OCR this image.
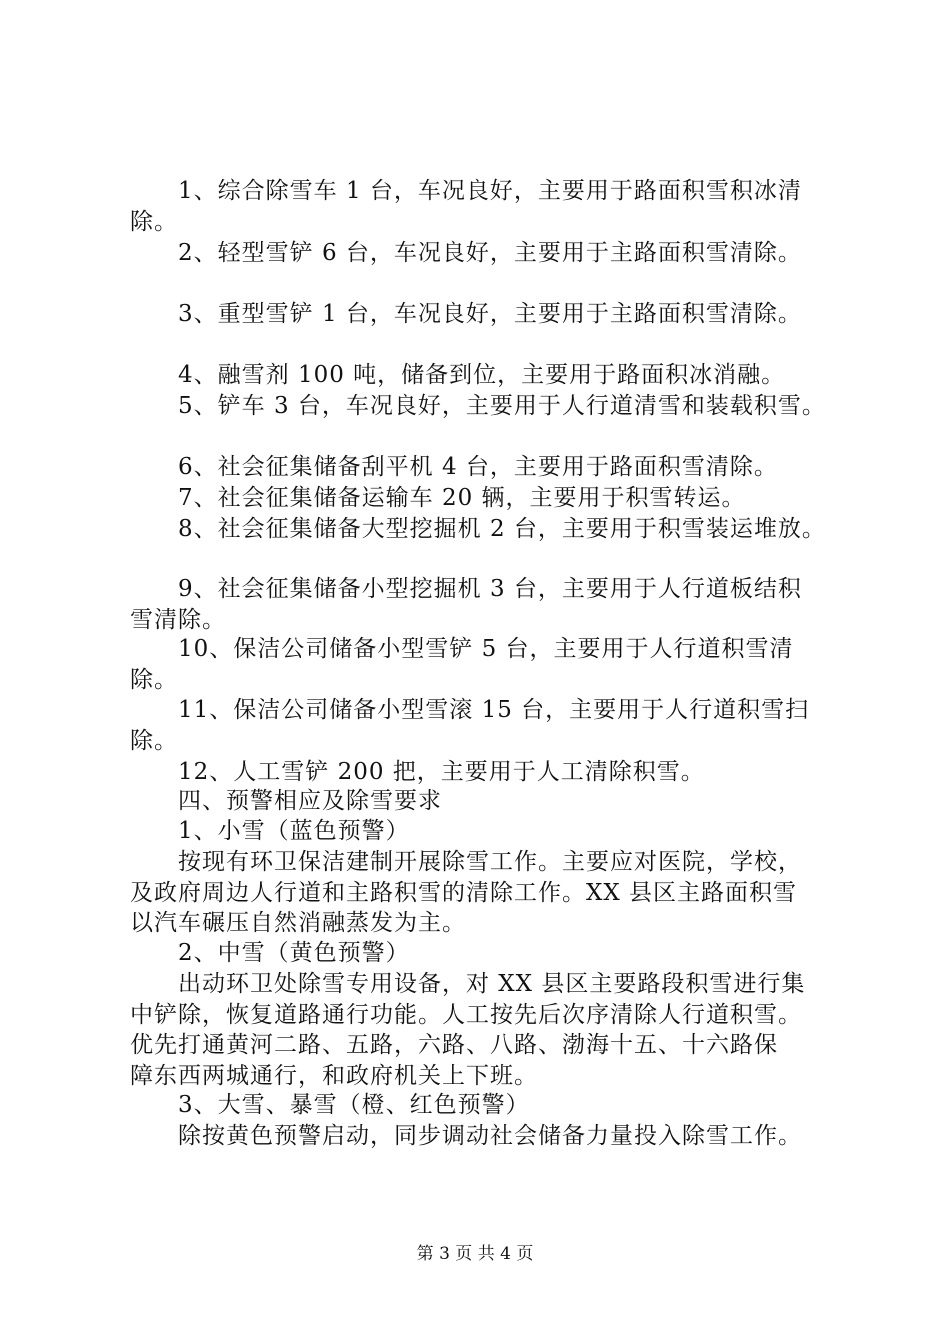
　　1、综合除雪车 1 台，车况良好，主要用于路面积雪积冰清
除。
　　2、轻型雪铲 6 台，车况良好，主要用于主路面积雪清除。
　　3、重型雪铲 1 台，车况良好，主要用于主路面积雪清除。
　　4、融雪剂 100 吨，储备到位，主要用于路面积冰消融。
　　5、铲车 3 台，车况良好，主要用于人行道清雪和装载积雪。
　　6、社会征集储备刮平机 4 台，主要用于路面积雪清除。
　　7、社会征集储备运输车 20 辆，主要用于积雪转运。
　　8、社会征集储备大型挖掘机 2 台，主要用于积雪装运堆放。
　　9、社会征集储备小型挖掘机 3 台，主要用于人行道板结积
雪清除。
　　10、保洁公司储备小型雪铲 5 台，主要用于人行道积雪清
除。
　　11、保洁公司储备小型雪滚 15 台，主要用于人行道积雪扫
除。
　　12、人工雪铲 200 把，主要用于人工清除积雪。
　　四、预警相应及除雪要求
　　1、小雪（蓝色预警）
　　按现有环卫保洁建制开展除雪工作。主要应对医院，学校，
及政府周边人行道和主路积雪的清除工作。XX 县区主路面积雪
以汽车碾压自然消融蒸发为主。
　　2、中雪（黄色预警）
　　出动环卫处除雪专用设备，对 XX 县区主要路段积雪进行集
中铲除，恢复道路通行功能。人工按先后次序清除人行道积雪。
优先打通黄河二路、五路，六路、八路、渤海十五、十六路保
障东西两城通行，和政府机关上下班。
　　3、大雪、暴雪（橙、红色预警）
　　除按黄色预警启动，同步调动社会储备力量投入除雪工作。
第 3 页 共 4 页
